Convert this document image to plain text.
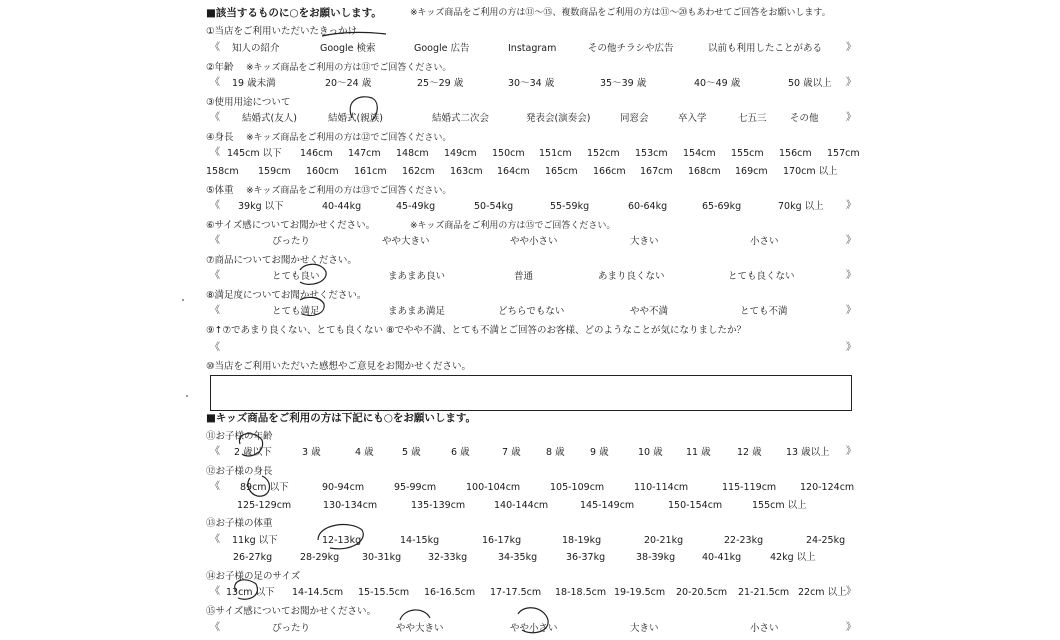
■該当するものに○をお願いします。	※キッズ商品をご利用の方は⑪〜⑮、複数商品をご利用の方は⑪〜⑳もあわせてご回答をお願いします。
①当店をご利用いただいたきっかけ
《 知人の紹介	Google 検索	Google 広告	Instagram	その他チラシや広告	以前も利用したことがある 》
②年齢 ※キッズ商品をご利用の方は⑪でご回答ください。
《 19 歳未満	20〜24 歳	25〜29 歳	30〜34 歳	35〜39 歳	40〜49 歳	50 歳以上 》
③使用用途について
《 結婚式(友人)	結婚式(親族)	結婚式二次会	発表会(演奏会)	同窓会	卒入学	七五三 その他	》
④身長 ※キッズ商品をご利用の方は⑫でご回答ください。
《 145cm 以下 146cm 147cm 148cm 149cm 150cm 151cm 152cm 153cm 154cm 155cm 156cm 157cm
158cm 159cm 160cm 161cm 162cm 163cm 164cm 165cm 166cm 167cm 168cm 169cm 170cm 以上
⑤体重 ※キッズ商品をご利用の方は⑬でご回答ください。
《 39kg 以下	40-44kg	45-49kg	50-54kg	55-59kg	60-64kg	65-69kg	70kg 以上 》
⑥サイズ感についてお聞かせください。	※キッズ商品をご利用の方は⑮でご回答ください。
《	ぴったり	やや大きい	やや小さい	大きい	小さい	》
⑦商品についてお聞かせください。
《	とても良い	まあまあ良い	普通	あまり良くない	とても良くない	》
⑧満足度についてお聞かせください。
《	とても満足	まあまあ満足	どちらでもない	やや不満	とても不満	》
⑨↑⑦であまり良くない、とても良くない ⑧でやや不満、とても不満とご回答のお客様、どのようなことが気になりましたか？
《	》
⑩当店をご利用いただいた感想やご意見をお聞かせください。
■キッズ商品をご利用の方は下記にも○をお願いします。
⑪お子様の年齢
《 2 歳以下	3 歳	4 歳	5 歳	6 歳	7 歳	8 歳	9 歳	10 歳 11 歳	12 歳	13 歳以上 》
⑫お子様の身長
《 89cm 以下	90-94cm	95-99cm	100-104cm	105-109cm	110-114cm	115-119cm	120-124cm
125-129cm	130-134cm	135-139cm	140-144cm	145-149cm	150-154cm	155cm 以上
⑬お子様の体重
《 11kg 以下	12-13kg	14-15kg	16-17kg	18-19kg	20-21kg	22-23kg	24-25kg
26-27kg	28-29kg 30-31kg	32-33kg	34-35kg	36-37kg	38-39kg	40-41kg	42kg 以上
⑭お子様の足のサイズ
《 13cm 以下 14-14.5cm 15-15.5cm 16-16.5cm 17-17.5cm 18-18.5cm 19-19.5cm 20-20.5cm 21-21.5cm 22cm 以上 》
⑮サイズ感についてお聞かせください。
《	ぴったり	やや大きい	やや小さい	大きい	小さい	》
